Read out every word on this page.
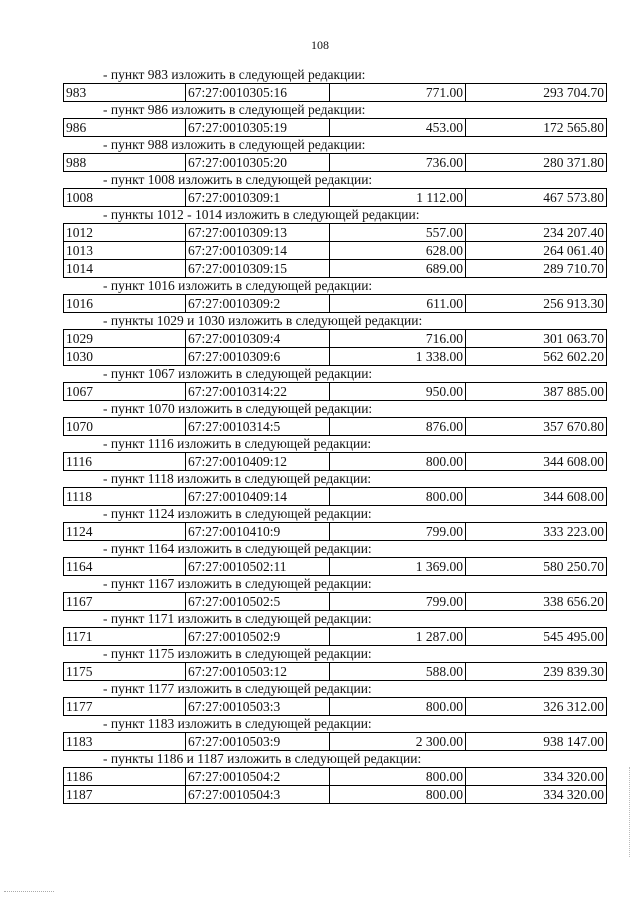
108
- пункт 983 изложить в следующей редакции:
983	67:27:0010305:16	771.00	293 704.70
- пункт 986 изложить в следующей редакции:
986	67:27:0010305:19	453.00	172 565.80
- пункт 988 изложить в следующей редакции:
988	67:27:0010305:20	736.00	280 371.80
- пункт 1008 изложить в следующей редакции:
1008	67:27:0010309:1	1 112.00	467 573.80
- пункты 1012 - 1014 изложить в следующей редакции:
1012	67:27:0010309:13	557.00	234 207.40
1013	67:27:0010309:14	628.00	264 061.40
1014	67:27:0010309:15	689.00	289 710.70
- пункт 1016 изложить в следующей редакции:
1016	67:27:0010309:2	611.00	256 913.30
- пункты 1029 и 1030 изложить в следующей редакции:
1029	67:27:0010309:4	716.00	301 063.70
1030	67:27:0010309:6	1 338.00	562 602.20
- пункт 1067 изложить в следующей редакции:
1067	67:27:0010314:22	950.00	387 885.00
- пункт 1070 изложить в следующей редакции:
1070	67:27:0010314:5	876.00	357 670.80
- пункт 1116 изложить в следующей редакции:
1116	67:27:0010409:12	800.00	344 608.00
- пункт 1118 изложить в следующей редакции:
1118	67:27:0010409:14	800.00	344 608.00
- пункт 1124 изложить в следующей редакции:
1124	67:27:0010410:9	799.00	333 223.00
- пункт 1164 изложить в следующей редакции:
1164	67:27:0010502:11	1 369.00	580 250.70
- пункт 1167 изложить в следующей редакции:
1167	67:27:0010502:5	799.00	338 656.20
- пункт 1171 изложить в следующей редакции:
1171	67:27:0010502:9	1 287.00	545 495.00
- пункт 1175 изложить в следующей редакции:
1175	67:27:0010503:12	588.00	239 839.30
- пункт 1177 изложить в следующей редакции:
1177	67:27:0010503:3	800.00	326 312.00
- пункт 1183 изложить в следующей редакции:
1183	67:27:0010503:9	2 300.00	938 147.00
- пункты 1186 и 1187 изложить в следующей редакции:
1186	67:27:0010504:2	800.00	334 320.00
1187	67:27:0010504:3	800.00	334 320.00
